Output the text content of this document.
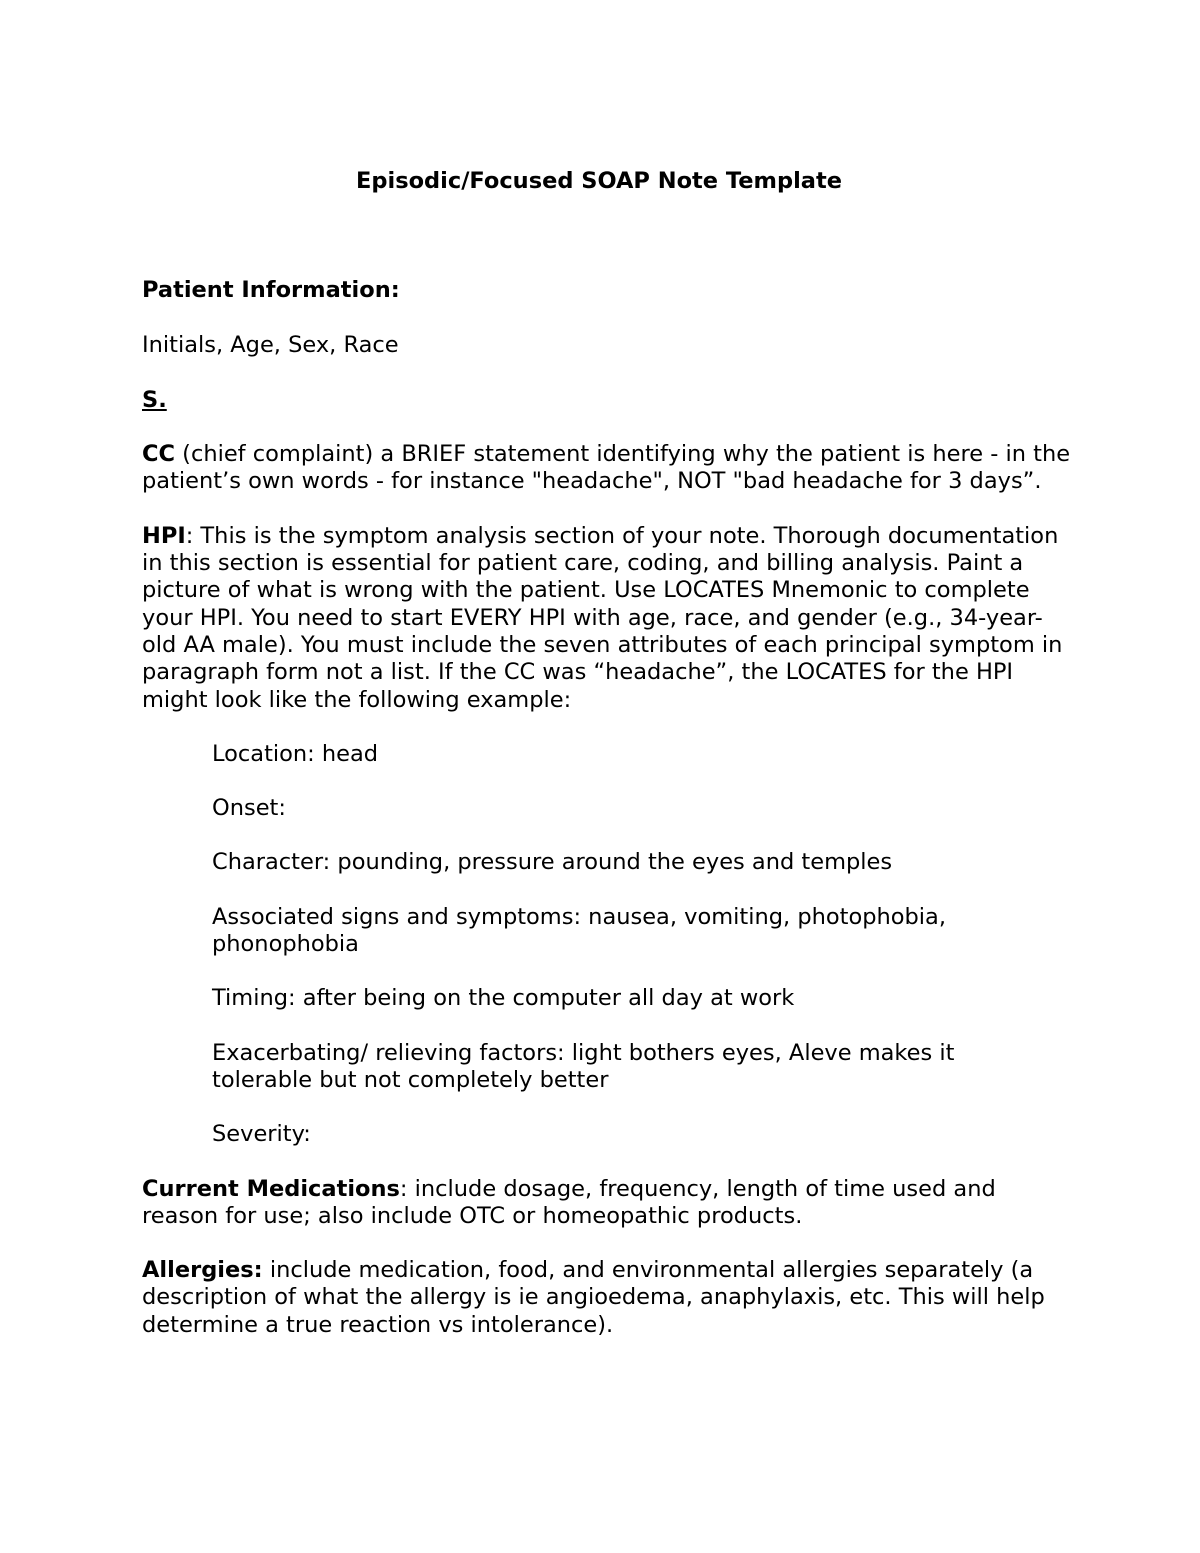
Episodic/Focused SOAP Note Template

Patient Information:

Initials, Age, Sex, Race

S.

CC (chief complaint) a BRIEF statement identifying why the patient is here - in the patient’s own words - for instance "headache", NOT "bad headache for 3 days”.

HPI: This is the symptom analysis section of your note. Thorough documentation in this section is essential for patient care, coding, and billing analysis. Paint a picture of what is wrong with the patient. Use LOCATES Mnemonic to complete your HPI. You need to start EVERY HPI with age, race, and gender (e.g., 34-year-old AA male). You must include the seven attributes of each principal symptom in paragraph form not a list. If the CC was “headache”, the LOCATES for the HPI might look like the following example:

Location: head

Onset:

Character: pounding, pressure around the eyes and temples

Associated signs and symptoms: nausea, vomiting, photophobia, phonophobia

Timing: after being on the computer all day at work

Exacerbating/ relieving factors: light bothers eyes, Aleve makes it tolerable but not completely better

Severity:

Current Medications: include dosage, frequency, length of time used and reason for use; also include OTC or homeopathic products.

Allergies: include medication, food, and environmental allergies separately (a description of what the allergy is ie angioedema, anaphylaxis, etc. This will help determine a true reaction vs intolerance).
